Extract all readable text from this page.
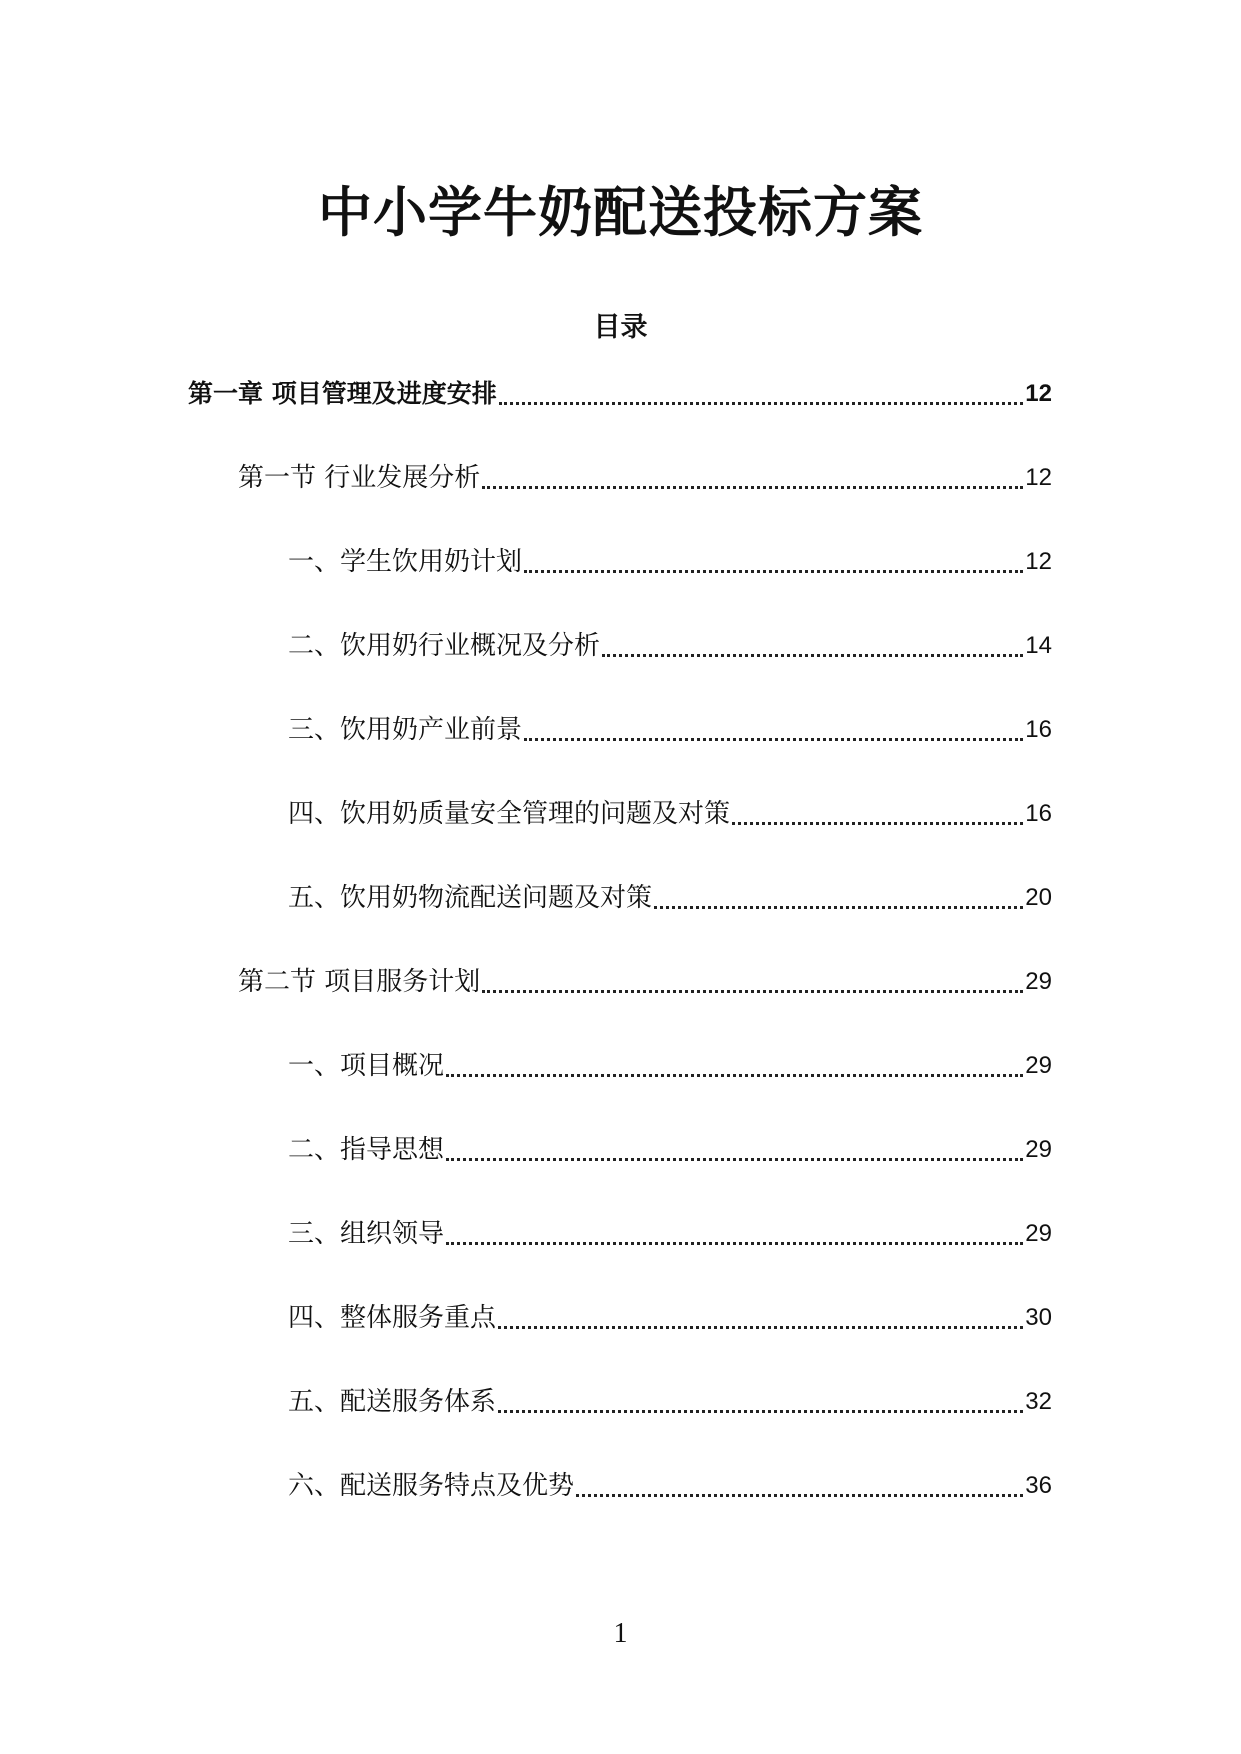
中小学牛奶配送投标方案
目录
第一章 项目管理及进度安排	12
第一节 行业发展分析	12
一、学生饮用奶计划	12
二、饮用奶行业概况及分析	14
三、饮用奶产业前景	16
四、饮用奶质量安全管理的问题及对策	16
五、饮用奶物流配送问题及对策	20
第二节 项目服务计划	29
一、项目概况	29
二、指导思想	29
三、组织领导	29
四、整体服务重点	30
五、配送服务体系	32
六、配送服务特点及优势	36
1
